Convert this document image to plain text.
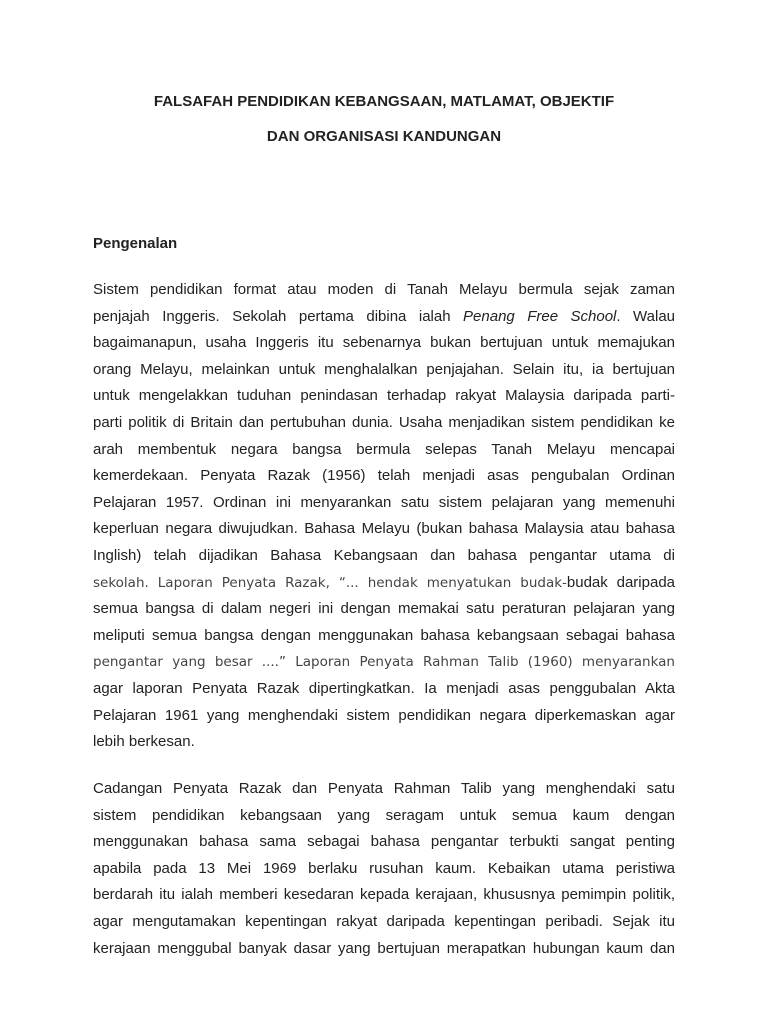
FALSAFAH PENDIDIKAN KEBANGSAAN, MATLAMAT, OBJEKTIF
DAN ORGANISASI KANDUNGAN
Pengenalan
Sistem pendidikan format atau moden di Tanah Melayu bermula sejak zaman
penjajah Inggeris. Sekolah pertama dibina ialah Penang Free School. Walau
bagaimanapun, usaha Inggeris itu sebenarnya bukan bertujuan untuk memajukan
orang Melayu, melainkan untuk menghalalkan penjajahan. Selain itu, ia bertujuan
untuk mengelakkan tuduhan penindasan terhadap rakyat Malaysia daripada parti-
parti politik di Britain dan pertubuhan dunia. Usaha menjadikan sistem pendidikan ke
arah membentuk negara bangsa bermula selepas Tanah Melayu mencapai
kemerdekaan. Penyata Razak (1956) telah menjadi asas pengubalan Ordinan
Pelajaran 1957. Ordinan ini menyarankan satu sistem pelajaran yang memenuhi
keperluan negara diwujudkan. Bahasa Melayu (bukan bahasa Malaysia atau bahasa
Inglish) telah dijadikan Bahasa Kebangsaan dan bahasa pengantar utama di
sekolah. Laporan Penyata Razak, “... hendak menyatukan budak-budak daripada
semua bangsa di dalam negeri ini dengan memakai satu peraturan pelajaran yang
meliputi semua bangsa dengan menggunakan bahasa kebangsaan sebagai bahasa
pengantar yang besar ....” Laporan Penyata Rahman Talib (1960) menyarankan
agar laporan Penyata Razak dipertingkatkan. Ia menjadi asas penggubalan Akta
Pelajaran 1961 yang menghendaki sistem pendidikan negara diperkemaskan agar
lebih berkesan.
Cadangan Penyata Razak dan Penyata Rahman Talib yang menghendaki satu
sistem pendidikan kebangsaan yang seragam untuk semua kaum dengan
menggunakan bahasa sama sebagai bahasa pengantar terbukti sangat penting
apabila pada 13 Mei 1969 berlaku rusuhan kaum. Kebaikan utama peristiwa
berdarah itu ialah memberi kesedaran kepada kerajaan, khususnya pemimpin politik,
agar mengutamakan kepentingan rakyat daripada kepentingan peribadi. Sejak itu
kerajaan menggubal banyak dasar yang bertujuan merapatkan hubungan kaum dan
